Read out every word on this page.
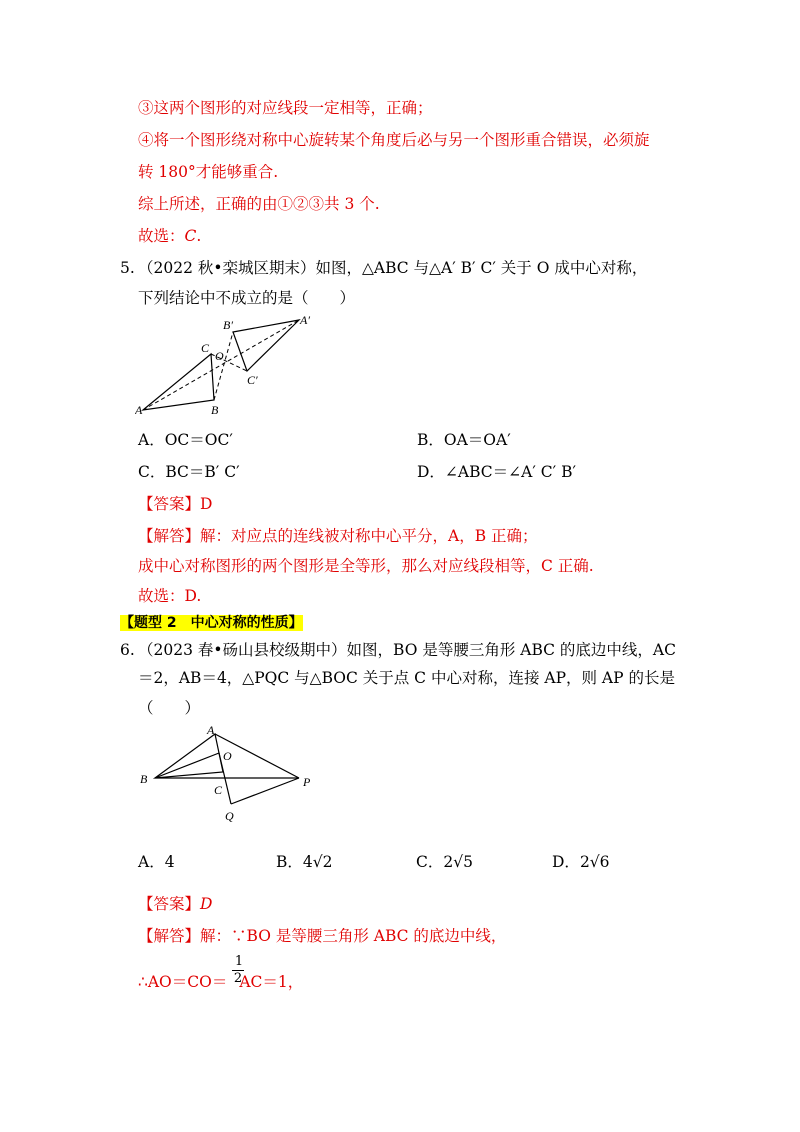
③这两个图形的对应线段一定相等，正确；
④将一个图形绕对称中心旋转某个角度后必与另一个图形重合错误，必须旋
转 180°才能够重合.
综上所述，正确的由①②③共 3 个.
故选：C.
5. （2022 秋•栾城区期末）如图，△ABC 与△A′ B′ C′ 关于 O 成中心对称，
下列结论中不成立的是（　　）
A	B
C
O
A′
B′
C′
A．OC＝OC′	B．OA＝OA′
C．BC＝B′ C′	D．∠ABC＝∠A′ C′ B′
【答案】D
【解答】解：对应点的连线被对称中心平分，A，B 正确；
成中心对称图形的两个图形是全等形，那么对应线段相等，C 正确.
故选：D.
【题型 2　中心对称的性质】
6. （2023 春•砀山县校级期中）如图，BO 是等腰三角形 ABC 的底边中线，AC
＝2，AB＝4，△PQC 与△BOC 关于点 C 中心对称，连接 AP，则 AP 的长是
（　　）
A
O
B
C
P
Q
A．4	B．4√2	C．2√5	D．2√6
【答案】D
【解答】解：∵BO 是等腰三角形 ABC 的底边中线，
1
2
∴AO＝CO＝ AC＝1，
